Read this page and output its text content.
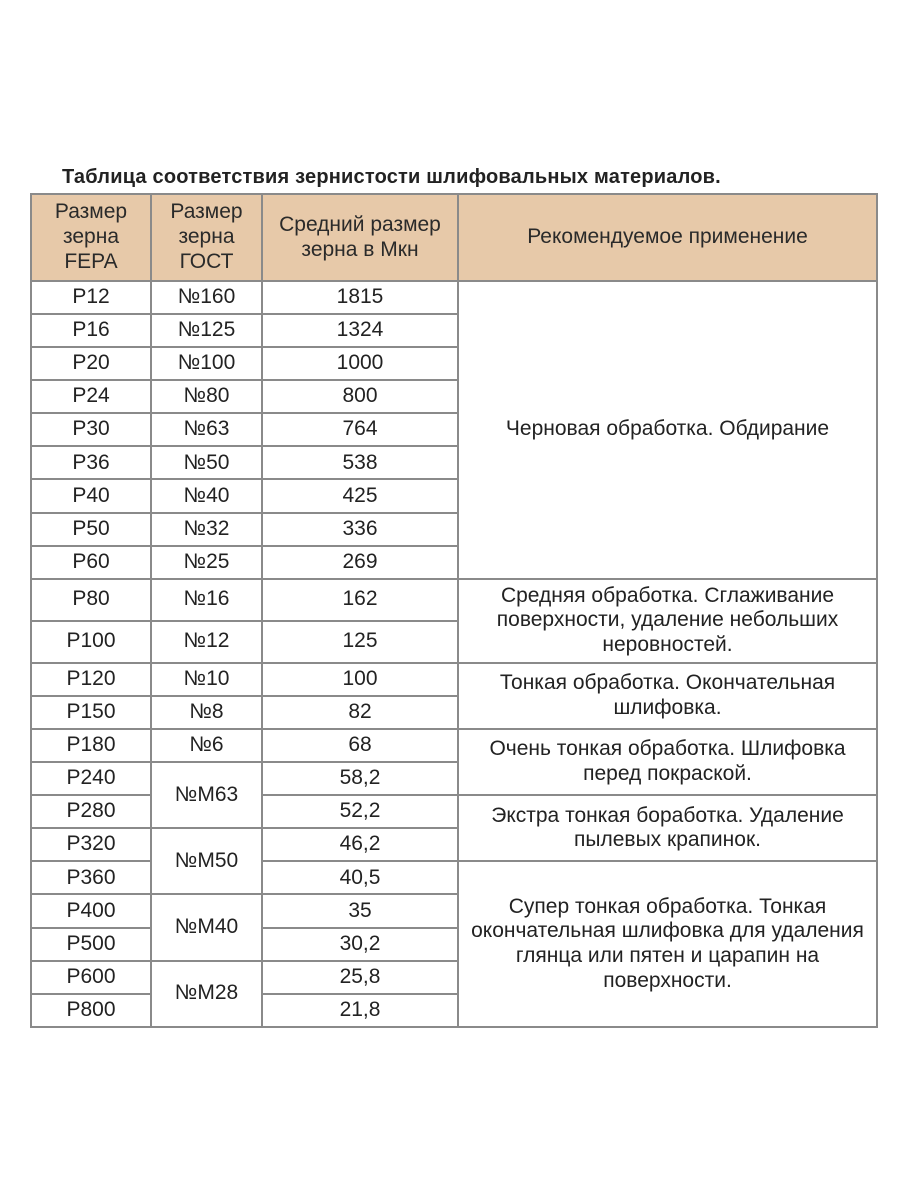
Таблица соответствия зернистости шлифовальных материалов.
Размер зерна FEPA	Размер зерна ГОСТ	Средний размер зерна в Мкн	Рекомендуемое применение
P12	№160	1815	Черновая обработка. Обдирание
P16	№125	1324	
P20	№100	1000	
P24	№80	800	
P30	№63	764	
P36	№50	538	
P40	№40	425	
P50	№32	336	
P60	№25	269	
P80	№16	162	Средняя обработка. Сглаживание поверхности, удаление небольших неровностей.
P100	№12	125	
P120	№10	100	Тонкая обработка. Окончательная шлифовка.
P150	№8	82	
P180	№6	68	Очень тонкая обработка. Шлифовка перед покраской.
P240	№M63	58,2	
P280		52,2	Экстра тонкая боработка. Удаление пылевых крапинок.
P320	№M50	46,2	
P360		40,5	Супер тонкая обработка. Тонкая окончательная шлифовка для удаления глянца или пятен и царапин на поверхности.
P400	№M40	35	
P500		30,2	
P600	№M28	25,8	
P800		21,8	
